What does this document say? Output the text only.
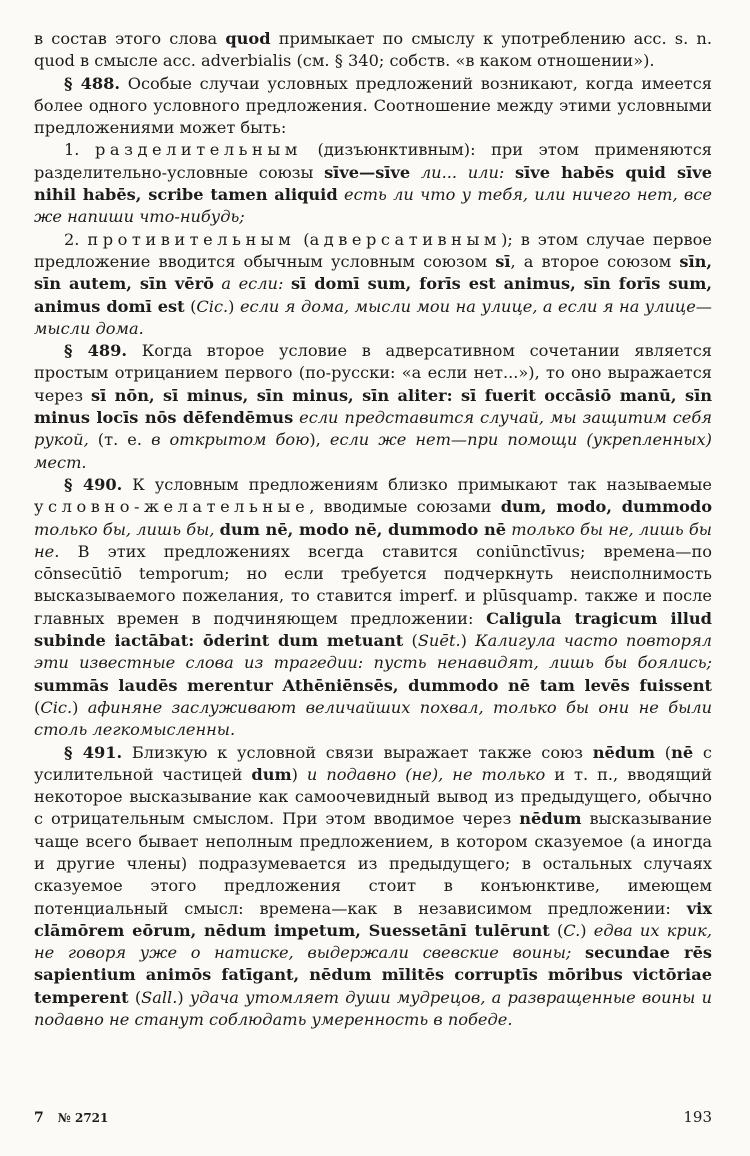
в состав этого слова quod примыкает по смыслу к употреблению acc. s. n. quod в смысле acc. adverbialis (см. § 340; собств. «в каком отношении»).

§ 488. Особые случаи условных предложений возникают, когда имеется более одного условного предложения. Соотношение между этими условными предложениями может быть:

1. разделительным (дизъюнктивным): при этом применяются разделительно-условные союзы sīve—sīve ли... или: sīve habēs quid sīve nihil habēs, scribe tamen aliquid есть ли что у тебя, или ничего нет, все же напиши что-нибудь;

2. противительным (адверсативным); в этом случае первое предложение вводится обычным условным союзом sī, а второе союзом sīn, sīn autem, sīn vērō а если: sī domī sum, forīs est animus, sīn forīs sum, animus domī est (Cic.) если я дома, мысли мои на улице, а если я на улице—мысли дома.

§ 489. Когда второе условие в адверсативном сочетании является простым отрицанием первого (по-русски: «а если нет...»), то оно выражается через sī nōn, sī minus, sīn minus, sīn aliter: sī fuerit occāsiō manū, sīn minus locīs nōs dēfendēmus если представится случай, мы защитим себя рукой, (т. е. в открытом бою), если же нет—при помощи (укрепленных) мест.

§ 490. К условным предложениям близко примыкают так называемые условно-желательные, вводимые союзами dum, modo, dummodo только бы, лишь бы, dum nē, modo nē, dummodo nē только бы не, лишь бы не. В этих предложениях всегда ставится coniūnctīvus; времена—по cōnsecūtiō temporum; но если требуется подчеркнуть неисполнимость высказываемого пожелания, то ставится imperf. и plūsquamp. также и после главных времен в подчиняющем предложении: Caligula tragicum illud subinde iactābat: ōderint dum metuant (Suēt.) Калигула часто повторял эти известные слова из трагедии: пусть ненавидят, лишь бы боялись; summās laudēs merentur Athēniēnsēs, dummodo nē tam levēs fuissent (Cic.) афиняне заслуживают величайших похвал, только бы они не были столь легкомысленны.

§ 491. Близкую к условной связи выражает также союз nēdum (nē с усилительной частицей dum) и подавно (не), не только и т. п., вводящий некоторое высказывание как самоочевидный вывод из предыдущего, обычно с отрицательным смыслом. При этом вводимое через nēdum высказывание чаще всего бывает неполным предложением, в котором сказуемое (а иногда и другие члены) подразумевается из предыдущего; в остальных случаях сказуемое этого предложения стоит в конъюнктиве, имеющем потенциальный смысл: времена—как в независимом предложении: vix clāmōrem eōrum, nēdum impetum, Suessetānī tulērunt (C.) едва их крик, не говоря уже о натиске, выдержали свевские воины; secundae rēs sapientium animōs fatīgant, nēdum mīlitēs corruptīs mōribus victōriae temperent (Sall.) удача утомляет души мудрецов, а развращенные воины и подавно не станут соблюдать умеренность в победе.

7 № 2721	193
